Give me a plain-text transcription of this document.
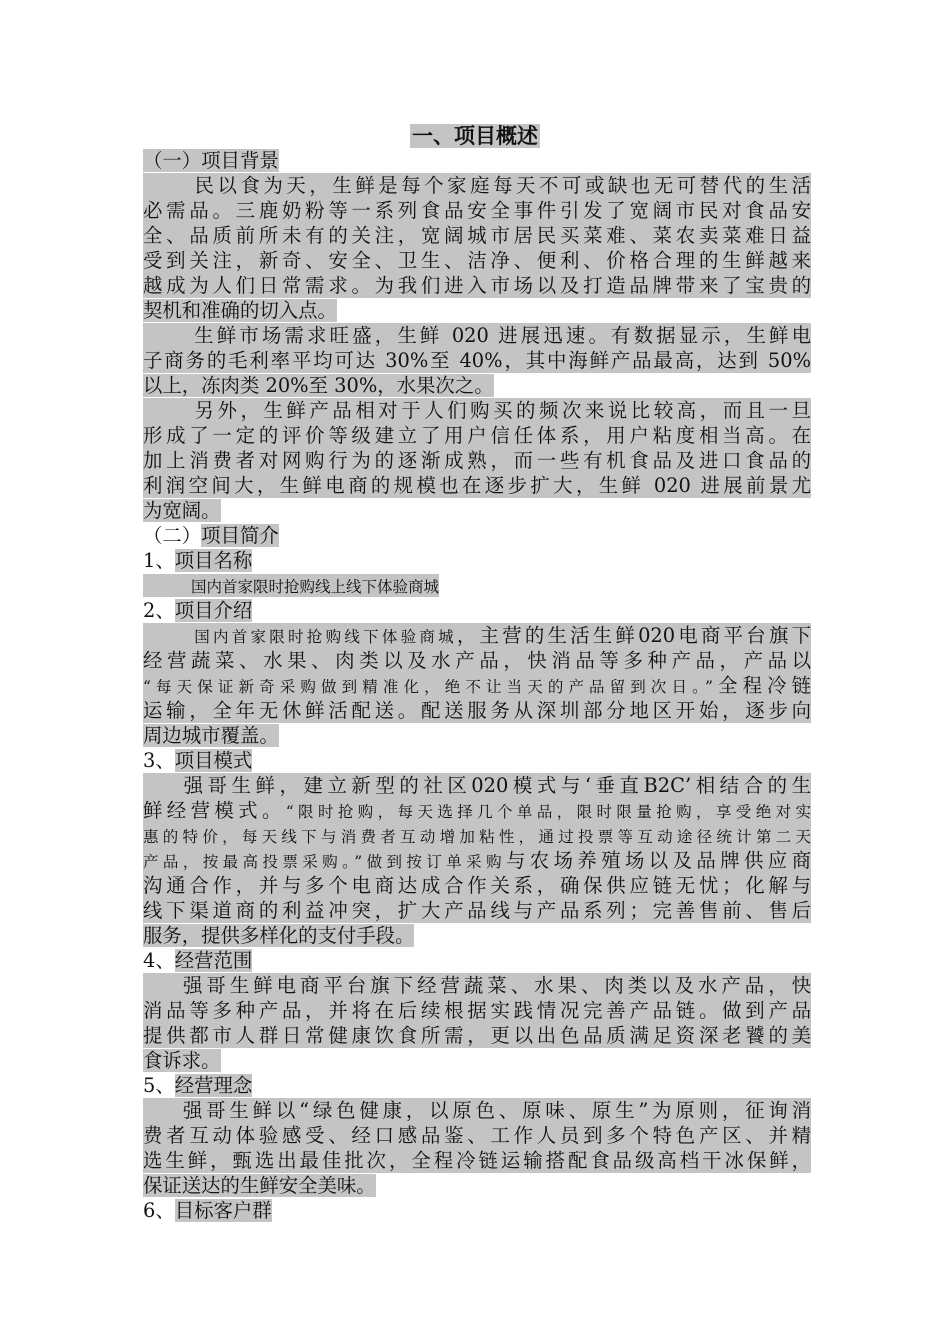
一、项目概述
（一）项目背景
民以食为天，生鲜是每个家庭每天不可或缺也无可替代的生活
必需品。三鹿奶粉等一系列食品安全事件引发了宽阔市民对食品安
全、品质前所未有的关注，宽阔城市居民买菜难、菜农卖菜难日益
受到关注，新奇、安全、卫生、洁净、便利、价格合理的生鲜越来
越成为人们日常需求。为我们进入市场以及打造品牌带来了宝贵的
契机和准确的切入点。
生鲜市场需求旺盛，生鲜 020 进展迅速。有数据显示，生鲜电
子商务的毛利率平均可达 30%至 40%，其中海鲜产品最高，达到 50%
以上，冻肉类 20%至 30%，水果次之。
另外，生鲜产品相对于人们购买的频次来说比较高，而且一旦
形成了一定的评价等级建立了用户信任体系，用户粘度相当高。在
加上消费者对网购行为的逐渐成熟，而一些有机食品及进口食品的
利润空间大，生鲜电商的规模也在逐步扩大，生鲜 020 进展前景尤
为宽阔。
（二）项目简介
1、项目名称
国内首家限时抢购线上线下体验商城
2、项目介绍
国内首家限时抢购线下体验商城，主营的生活生鲜020电商平台旗下
经营蔬菜、水果、肉类以及水产品，快消品等多种产品，产品以
“每天保证新奇采购做到精准化，绝不让当天的产品留到次日。”全程冷链
运输，全年无休鲜活配送。配送服务从深圳部分地区开始，逐步向
周边城市覆盖。
3、项目模式
强哥生鲜，建立新型的社区020模式与‘垂直B2C’相结合的生
鲜经营模式。“限时抢购，每天选择几个单品，限时限量抢购，享受绝对实
惠的特价，每天线下与消费者互动增加粘性，通过投票等互动途径统计第二天
产品，按最高投票采购。”做到按订单采购与农场养殖场以及品牌供应商
沟通合作，并与多个电商达成合作关系，确保供应链无忧；化解与
线下渠道商的利益冲突，扩大产品线与产品系列；完善售前、售后
服务，提供多样化的支付手段。
4、经营范围
强哥生鲜电商平台旗下经营蔬菜、水果、肉类以及水产品，快
消品等多种产品，并将在后续根据实践情况完善产品链。做到产品
提供都市人群日常健康饮食所需，更以出色品质满足资深老饕的美
食诉求。
5、经营理念
强哥生鲜以“绿色健康，以原色、原味、原生”为原则，征询消
费者互动体验感受、经口感品鉴、工作人员到多个特色产区、并精
选生鲜，甄选出最佳批次，全程冷链运输搭配食品级高档干冰保鲜，
保证送达的生鲜安全美味。
6、目标客户群
